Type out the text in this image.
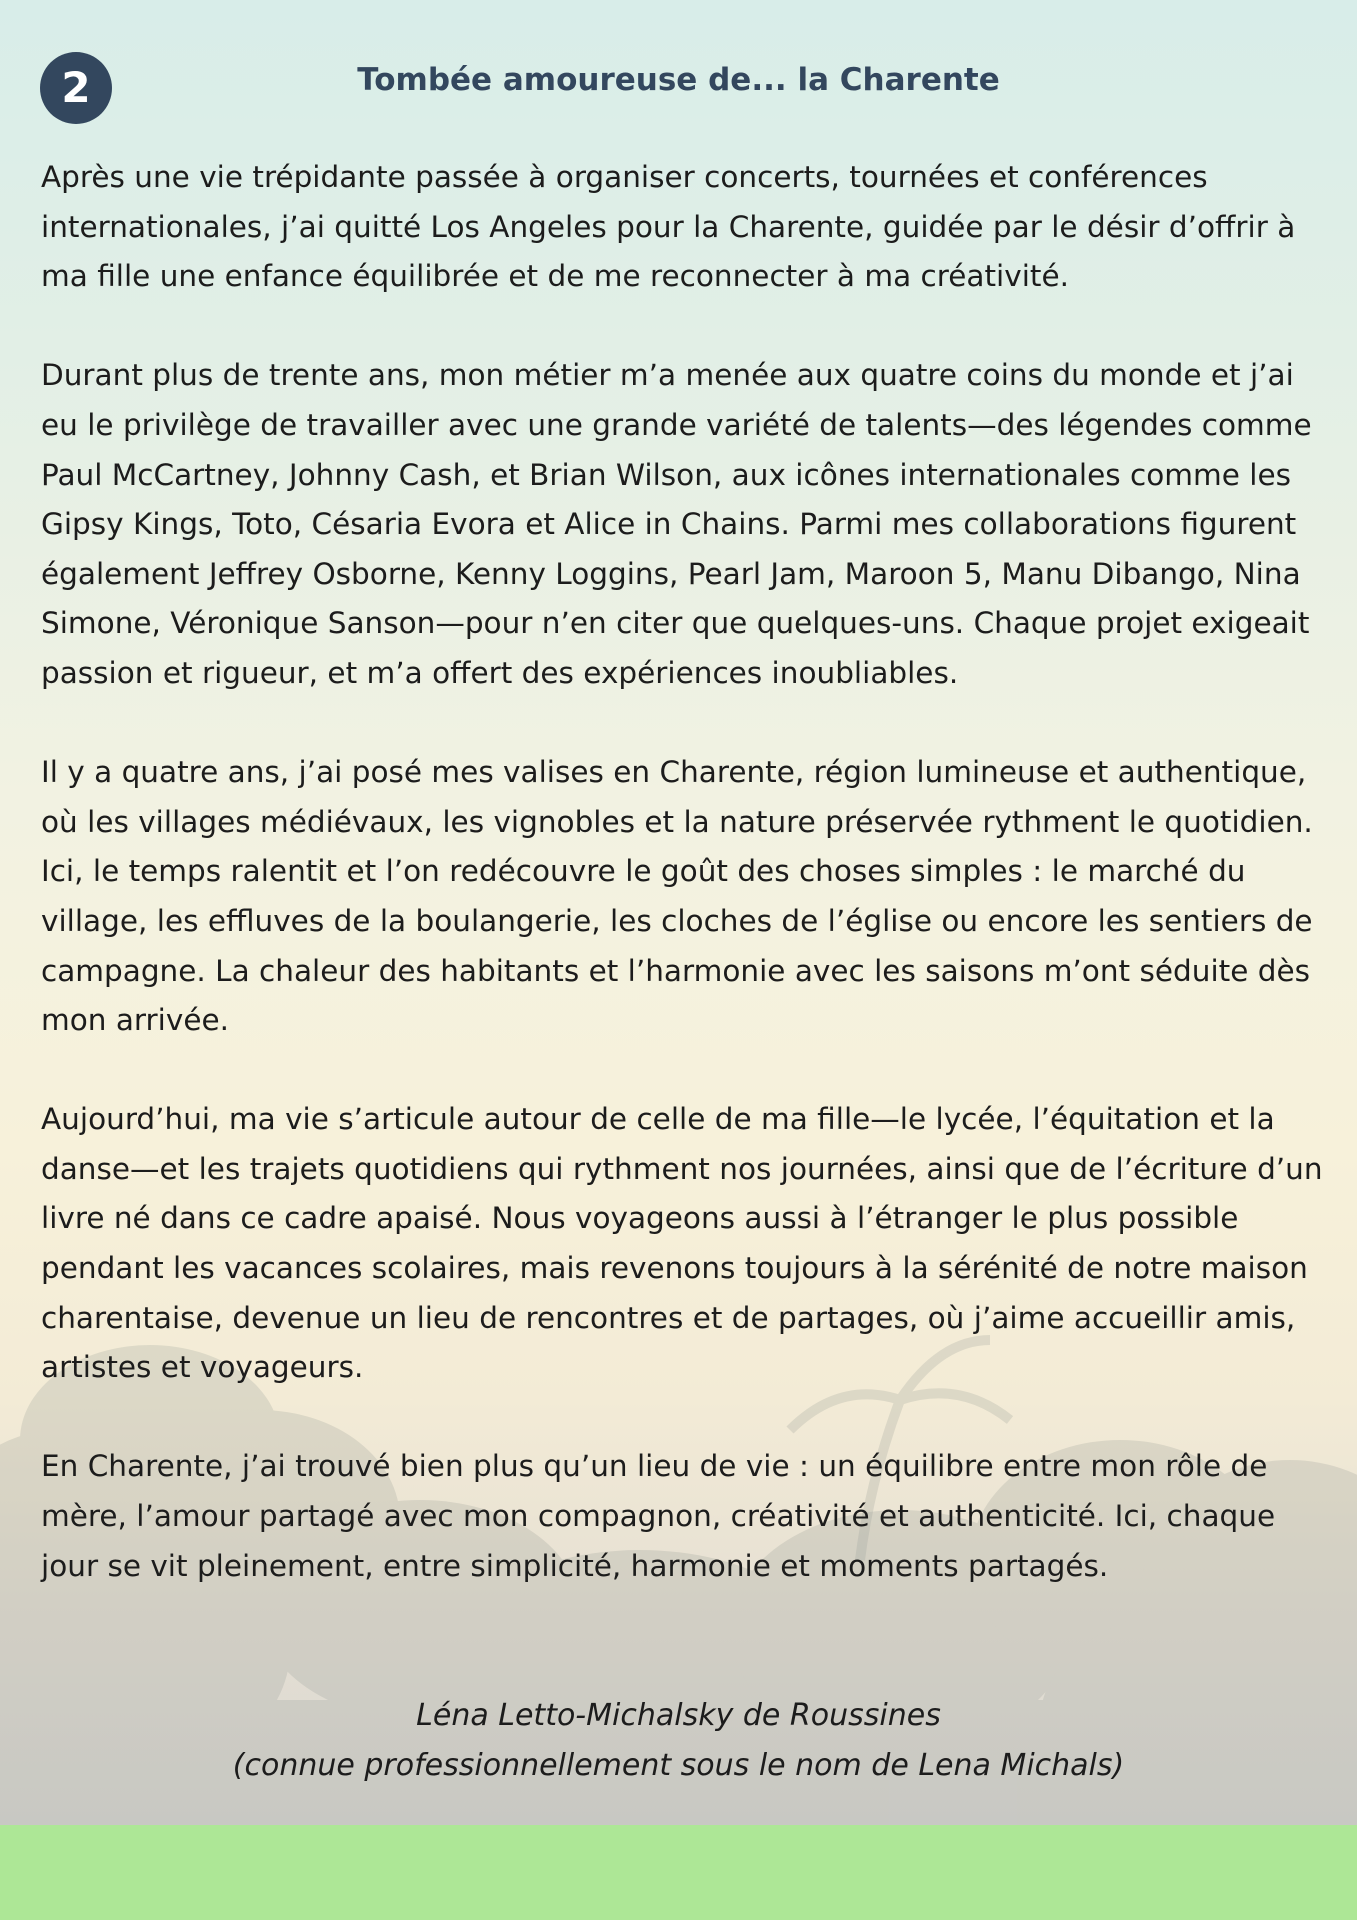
2	Tombée amoureuse de... la Charente

Après une vie trépidante passée à organiser concerts, tournées et conférences internationales, j’ai quitté Los Angeles pour la Charente, guidée par le désir d’offrir à ma fille une enfance équilibrée et de me reconnecter à ma créativité.

Durant plus de trente ans, mon métier m’a menée aux quatre coins du monde et j’ai eu le privilège de travailler avec une grande variété de talents—des légendes comme Paul McCartney, Johnny Cash, et Brian Wilson, aux icônes internationales comme les Gipsy Kings, Toto, Césaria Evora et Alice in Chains. Parmi mes collaborations figurent également Jeffrey Osborne, Kenny Loggins, Pearl Jam, Maroon 5, Manu Dibango, Nina Simone, Véronique Sanson—pour n’en citer que quelques-uns. Chaque projet exigeait passion et rigueur, et m’a offert des expériences inoubliables.

Il y a quatre ans, j’ai posé mes valises en Charente, région lumineuse et authentique, où les villages médiévaux, les vignobles et la nature préservée rythment le quotidien. Ici, le temps ralentit et l’on redécouvre le goût des choses simples : le marché du village, les effluves de la boulangerie, les cloches de l’église ou encore les sentiers de campagne. La chaleur des habitants et l’harmonie avec les saisons m’ont séduite dès mon arrivée.

Aujourd’hui, ma vie s’articule autour de celle de ma fille—le lycée, l’équitation et la danse—et les trajets quotidiens qui rythment nos journées, ainsi que de l’écriture d’un livre né dans ce cadre apaisé. Nous voyageons aussi à l’étranger le plus possible pendant les vacances scolaires, mais revenons toujours à la sérénité de notre maison charentaise, devenue un lieu de rencontres et de partages, où j’aime accueillir amis, artistes et voyageurs.

En Charente, j’ai trouvé bien plus qu’un lieu de vie : un équilibre entre mon rôle de mère, l’amour partagé avec mon compagnon, créativité et authenticité. Ici, chaque jour se vit pleinement, entre simplicité, harmonie et moments partagés.

Léna Letto-Michalsky de Roussines
(connue professionnellement sous le nom de Lena Michals)
